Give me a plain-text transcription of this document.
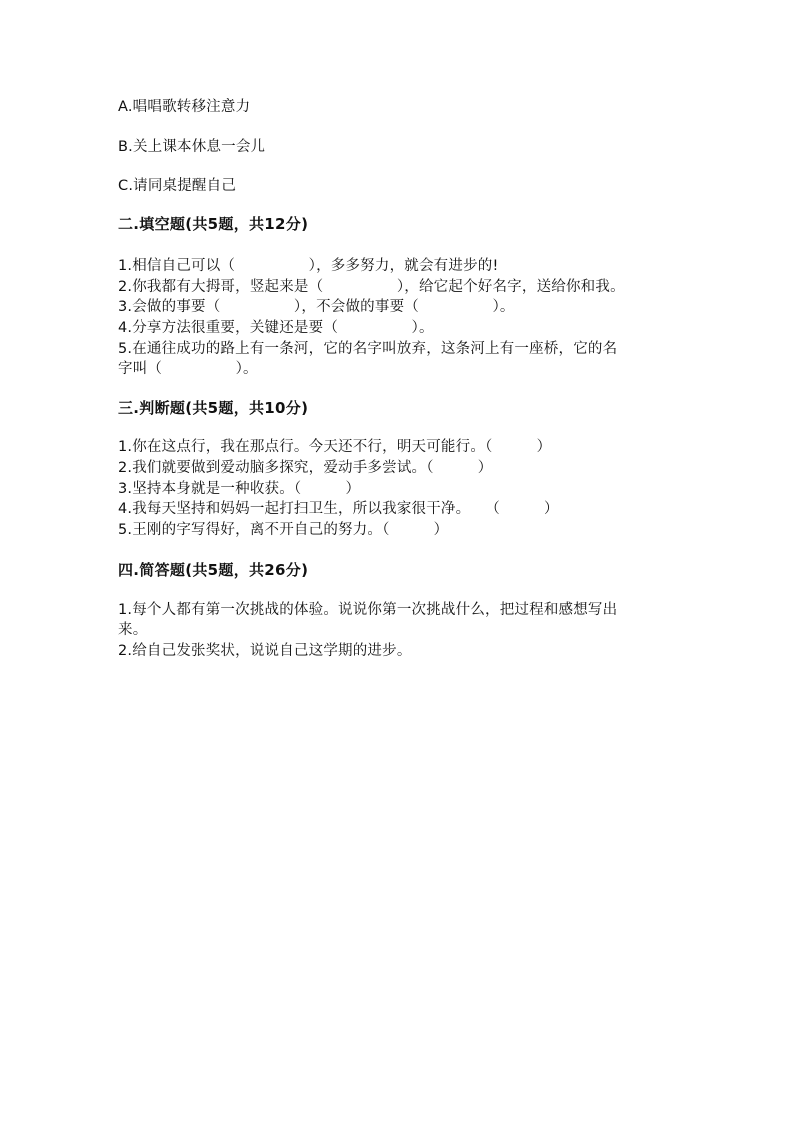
A.唱唱歌转移注意力
B.关上课本休息一会儿
C.请同桌提醒自己
二.填空题(共5题，共12分)
1.相信自己可以（　　　　　），多多努力，就会有进步的!
2.你我都有大拇哥，竖起来是（　　　　　），给它起个好名字，送给你和我。
3.会做的事要（　　　　　），不会做的事要（　　　　　）。
4.分享方法很重要，关键还是要（　　　　　）。
5.在通往成功的路上有一条河，它的名字叫放弃，这条河上有一座桥，它的名
字叫（　　　　　）。
三.判断题(共5题，共10分)
1.你在这点行，我在那点行。今天还不行，明天可能行。（　　　）
2.我们就要做到爱动脑多探究，爱动手多尝试。（　　　）
3.坚持本身就是一种收获。（　　　）
4.我每天坚持和妈妈一起打扫卫生，所以我家很干净。　　（　　　）
5.王刚的字写得好，离不开自己的努力。（　　　）
四.简答题(共5题，共26分)
1.每个人都有第一次挑战的体验。说说你第一次挑战什么，把过程和感想写出
来。
2.给自己发张奖状，说说自己这学期的进步。
